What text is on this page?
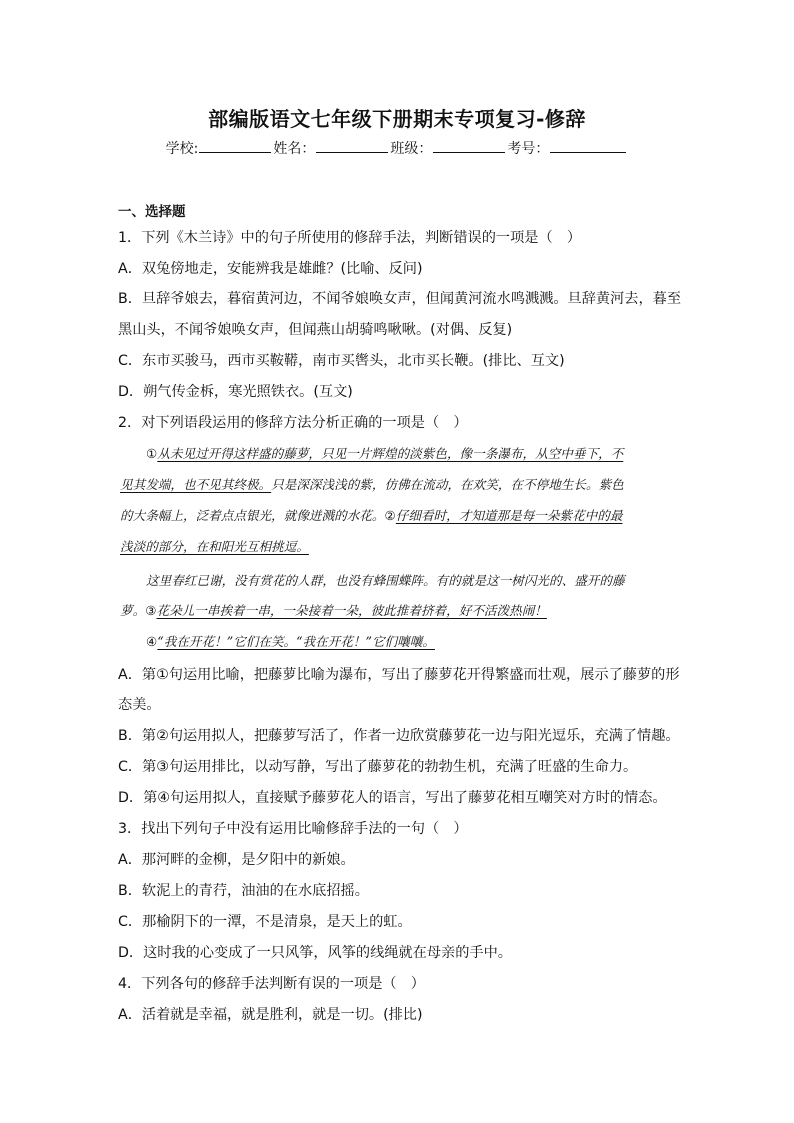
部编版语文七年级下册期末专项复习-修辞
学校:	姓名：	班级：	考号：
一、选择题
1．下列《木兰诗》中的句子所使用的修辞手法，判断错误的一项是（　）
A．双兔傍地走，安能辨我是雄雌？(比喻、反问)
B．旦辞爷娘去，暮宿黄河边，不闻爷娘唤女声，但闻黄河流水鸣溅溅。旦辞黄河去，暮至
黑山头，不闻爷娘唤女声，但闻燕山胡骑鸣啾啾。(对偶、反复)
C．东市买骏马，西市买鞍鞯，南市买辔头，北市买长鞭。(排比、互文)
D．朔气传金柝，寒光照铁衣。(互文)
2．对下列语段运用的修辞方法分析正确的一项是（　）
①从未见过开得这样盛的藤萝，只见一片辉煌的淡紫色，像一条瀑布，从空中垂下，不
见其发端，也不见其终极。只是深深浅浅的紫，仿佛在流动，在欢笑，在不停地生长。紫色
的大条幅上，泛着点点银光，就像迸溅的水花。②仔细看时，才知道那是每一朵紫花中的最
浅淡的部分，在和阳光互相挑逗。
这里春红已谢，没有赏花的人群，也没有蜂围蝶阵。有的就是这一树闪光的、盛开的藤
萝。③花朵儿一串挨着一串，一朵接着一朵，彼此推着挤着，好不活泼热闹！
④“我在开花！”它们在笑。“我在开花！”它们嚷嚷。
A．第①句运用比喻，把藤萝比喻为瀑布，写出了藤萝花开得繁盛而壮观，展示了藤萝的形
态美。
B．第②句运用拟人，把藤萝写活了，作者一边欣赏藤萝花一边与阳光逗乐，充满了情趣。
C．第③句运用排比，以动写静，写出了藤萝花的勃勃生机，充满了旺盛的生命力。
D．第④句运用拟人，直接赋予藤萝花人的语言，写出了藤萝花相互嘲笑对方时的情态。
3．找出下列句子中没有运用比喻修辞手法的一句（　）
A．那河畔的金柳，是夕阳中的新娘。
B．软泥上的青荇，油油的在水底招摇。
C．那榆阴下的一潭，不是清泉，是天上的虹。
D．这时我的心变成了一只风筝，风筝的线绳就在母亲的手中。
4．下列各句的修辞手法判断有误的一项是（　）
A．活着就是幸福，就是胜利，就是一切。(排比)
